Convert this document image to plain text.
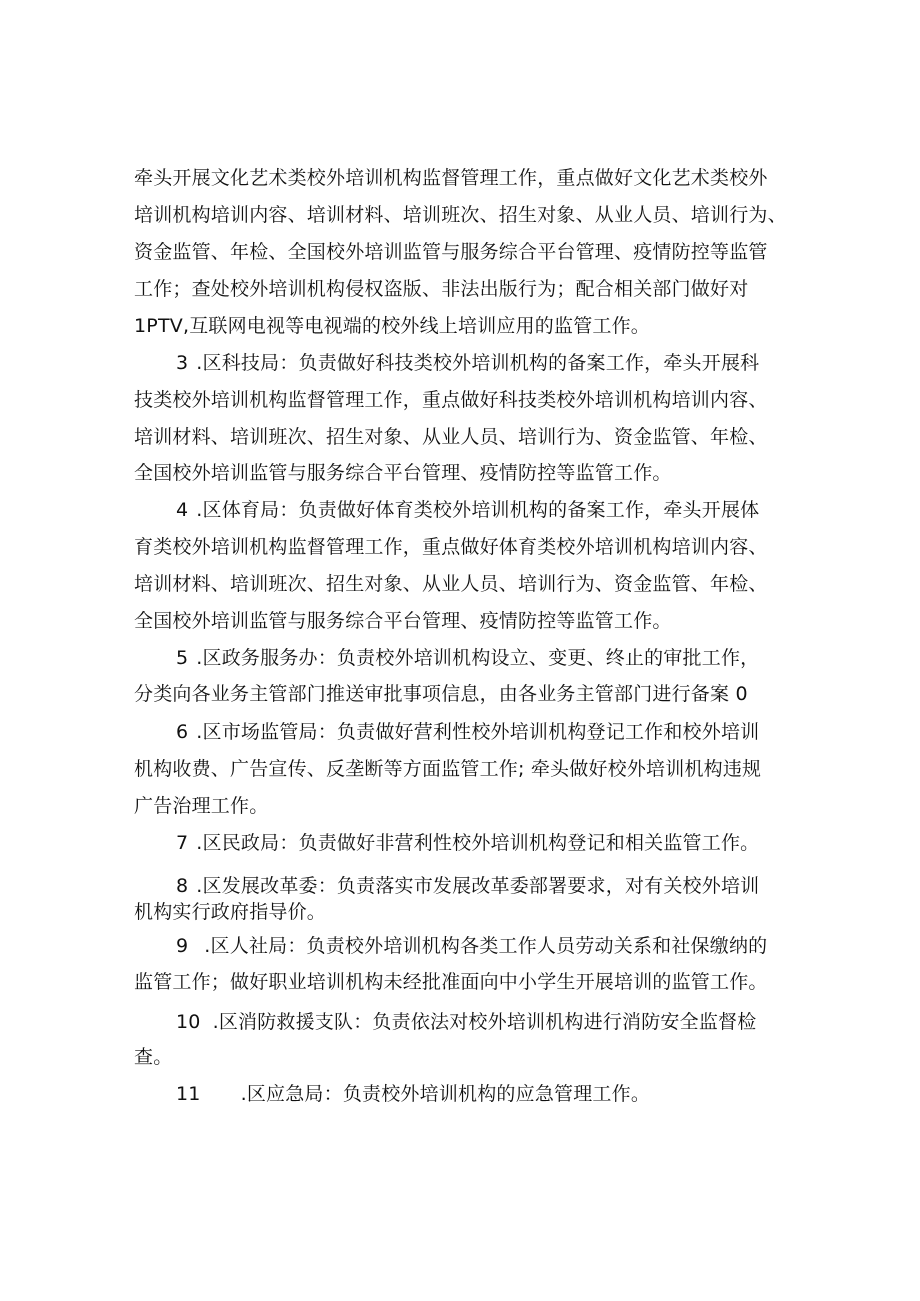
牵头开展文化艺术类校外培训机构监督管理工作，重点做好文化艺术类校外
培训机构培训内容、培训材料、培训班次、招生对象、从业人员、培训行为、
资金监管、年检、全国校外培训监管与服务综合平台管理、疫情防控等监管
工作；查处校外培训机构侵权盗版、非法出版行为；配合相关部门做好对
1PTV,互联网电视等电视端的校外线上培训应用的监管工作。
3 .区科技局：负责做好科技类校外培训机构的备案工作，牵头开展科
技类校外培训机构监督管理工作，重点做好科技类校外培训机构培训内容、
培训材料、培训班次、招生对象、从业人员、培训行为、资金监管、年检、
全国校外培训监管与服务综合平台管理、疫情防控等监管工作。
4 .区体育局：负责做好体育类校外培训机构的备案工作，牵头开展体
育类校外培训机构监督管理工作，重点做好体育类校外培训机构培训内容、
培训材料、培训班次、招生对象、从业人员、培训行为、资金监管、年检、
全国校外培训监管与服务综合平台管理、疫情防控等监管工作。
5 .区政务服务办：负责校外培训机构设立、变更、终止的审批工作，
分类向各业务主管部门推送审批事项信息，由各业务主管部门进行备案 0
6 .区市场监管局：负责做好营利性校外培训机构登记工作和校外培训
机构收费、广告宣传、反垄断等方面监管工作; 牵头做好校外培训机构违规
广告治理工作。
7 .区民政局：负责做好非营利性校外培训机构登记和相关监管工作。
8 .区发展改革委：负责落实市发展改革委部署要求，对有关校外培训
机构实行政府指导价。
9 .区人社局：负责校外培训机构各类工作人员劳动关系和社保缴纳的
监管工作；做好职业培训机构未经批准面向中小学生开展培训的监管工作。
10 .区消防救援支队：负责依法对校外培训机构进行消防安全监督检
查。
11 .区应急局：负责校外培训机构的应急管理工作。
